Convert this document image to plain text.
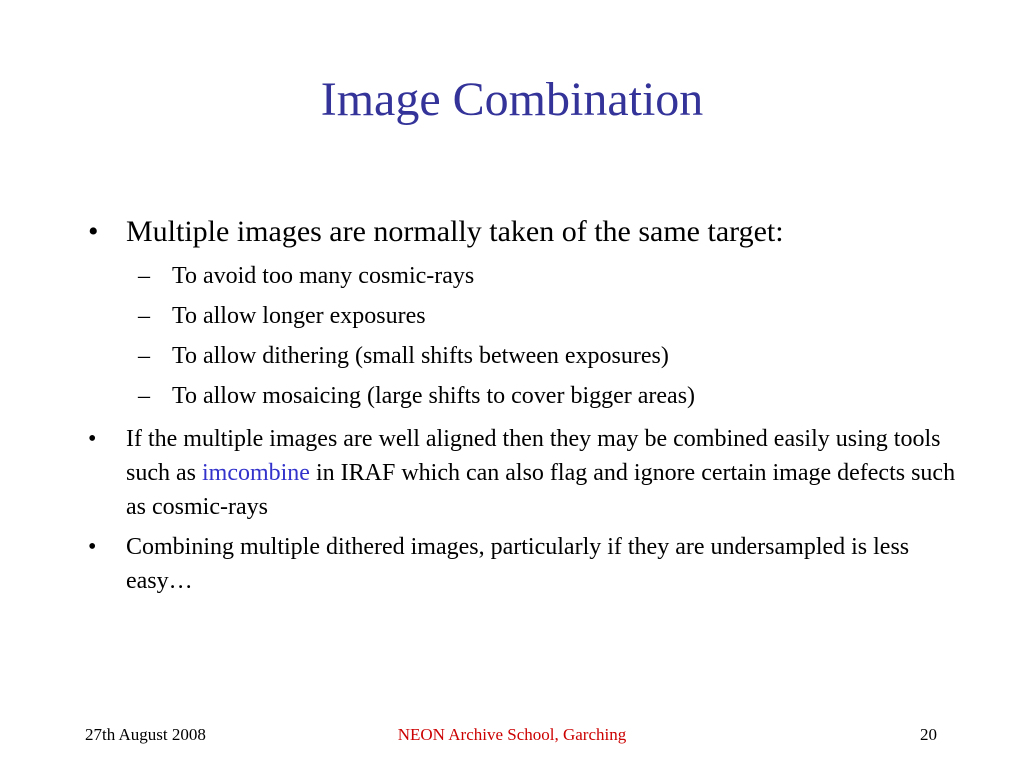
Image Combination
• Multiple images are normally taken of the same target:
– To avoid too many cosmic-rays
– To allow longer exposures
– To allow dithering (small shifts between exposures)
– To allow mosaicing (large shifts to cover bigger areas)
• If the multiple images are well aligned then they may be combined easily using tools such as imcombine in IRAF which can also flag and ignore certain image defects such as cosmic-rays
• Combining multiple dithered images, particularly if they are undersampled is less easy…
27th August 2008	NEON Archive School, Garching	20
